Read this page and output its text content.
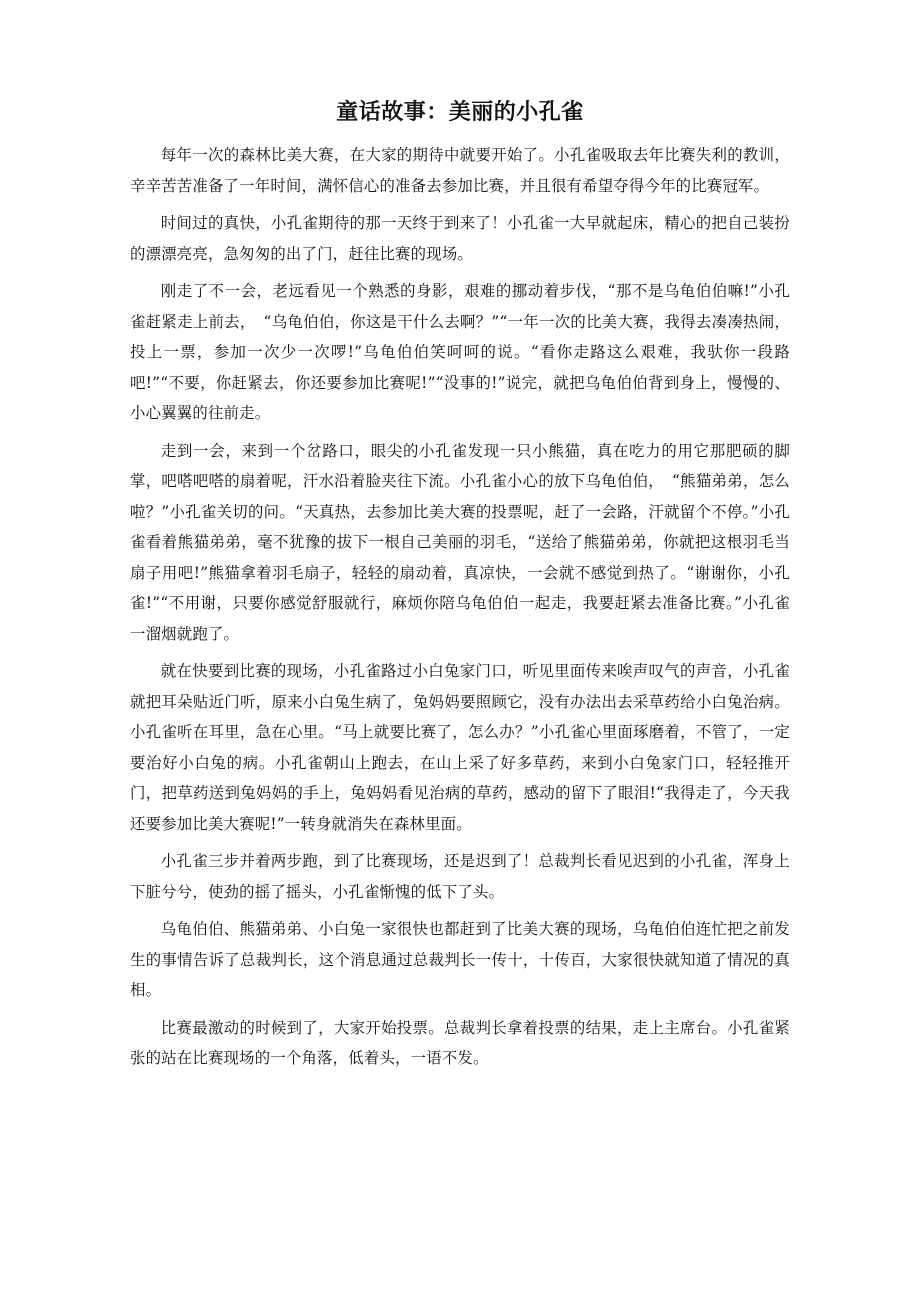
童话故事：美丽的小孔雀

每年一次的森林比美大赛，在大家的期待中就要开始了。小孔雀吸取去年比赛失利的教训，辛辛苦苦准备了一年时间，满怀信心的准备去参加比赛，并且很有希望夺得今年的比赛冠军。

时间过的真快，小孔雀期待的那一天终于到来了！小孔雀一大早就起床，精心的把自己装扮的漂漂亮亮，急匆匆的出了门，赶往比赛的现场。

刚走了不一会，老远看见一个熟悉的身影，艰难的挪动着步伐，“那不是乌龟伯伯嘛!”小孔雀赶紧走上前去，　“乌龟伯伯，你这是干什么去啊？”“一年一次的比美大赛，我得去凑凑热闹，投上一票，参加一次少一次啰!”乌龟伯伯笑呵呵的说。“看你走路这么艰难，我驮你一段路吧!”“不要，你赶紧去，你还要参加比赛呢!”“没事的!”说完，就把乌龟伯伯背到身上，慢慢的、小心翼翼的往前走。

走到一会，来到一个岔路口，眼尖的小孔雀发现一只小熊猫，真在吃力的用它那肥硕的脚掌，吧嗒吧嗒的扇着呢，汗水沿着脸夹往下流。小孔雀小心的放下乌龟伯伯，　“熊猫弟弟，怎么啦？”小孔雀关切的问。“天真热，去参加比美大赛的投票呢，赶了一会路，汗就留个不停。”小孔雀看着熊猫弟弟，毫不犹豫的拔下一根自己美丽的羽毛，“送给了熊猫弟弟，你就把这根羽毛当扇子用吧!”熊猫拿着羽毛扇子，轻轻的扇动着，真凉快，一会就不感觉到热了。“谢谢你，小孔雀!”“不用谢，只要你感觉舒服就行，麻烦你陪乌龟伯伯一起走，我要赶紧去准备比赛。”小孔雀一溜烟就跑了。

就在快要到比赛的现场，小孔雀路过小白兔家门口，听见里面传来唉声叹气的声音，小孔雀就把耳朵贴近门听，原来小白兔生病了，兔妈妈要照顾它，没有办法出去采草药给小白兔治病。小孔雀听在耳里，急在心里。“马上就要比赛了，怎么办？”小孔雀心里面琢磨着，不管了，一定要治好小白兔的病。小孔雀朝山上跑去，在山上采了好多草药，来到小白兔家门口，轻轻推开门，把草药送到兔妈妈的手上，兔妈妈看见治病的草药，感动的留下了眼泪!“我得走了，今天我还要参加比美大赛呢!”一转身就消失在森林里面。

小孔雀三步并着两步跑，到了比赛现场，还是迟到了！总裁判长看见迟到的小孔雀，浑身上下脏兮兮，使劲的摇了摇头，小孔雀惭愧的低下了头。

乌龟伯伯、熊猫弟弟、小白兔一家很快也都赶到了比美大赛的现场，乌龟伯伯连忙把之前发生的事情告诉了总裁判长，这个消息通过总裁判长一传十，十传百，大家很快就知道了情况的真相。

比赛最激动的时候到了，大家开始投票。总裁判长拿着投票的结果，走上主席台。小孔雀紧张的站在比赛现场的一个角落，低着头，一语不发。
